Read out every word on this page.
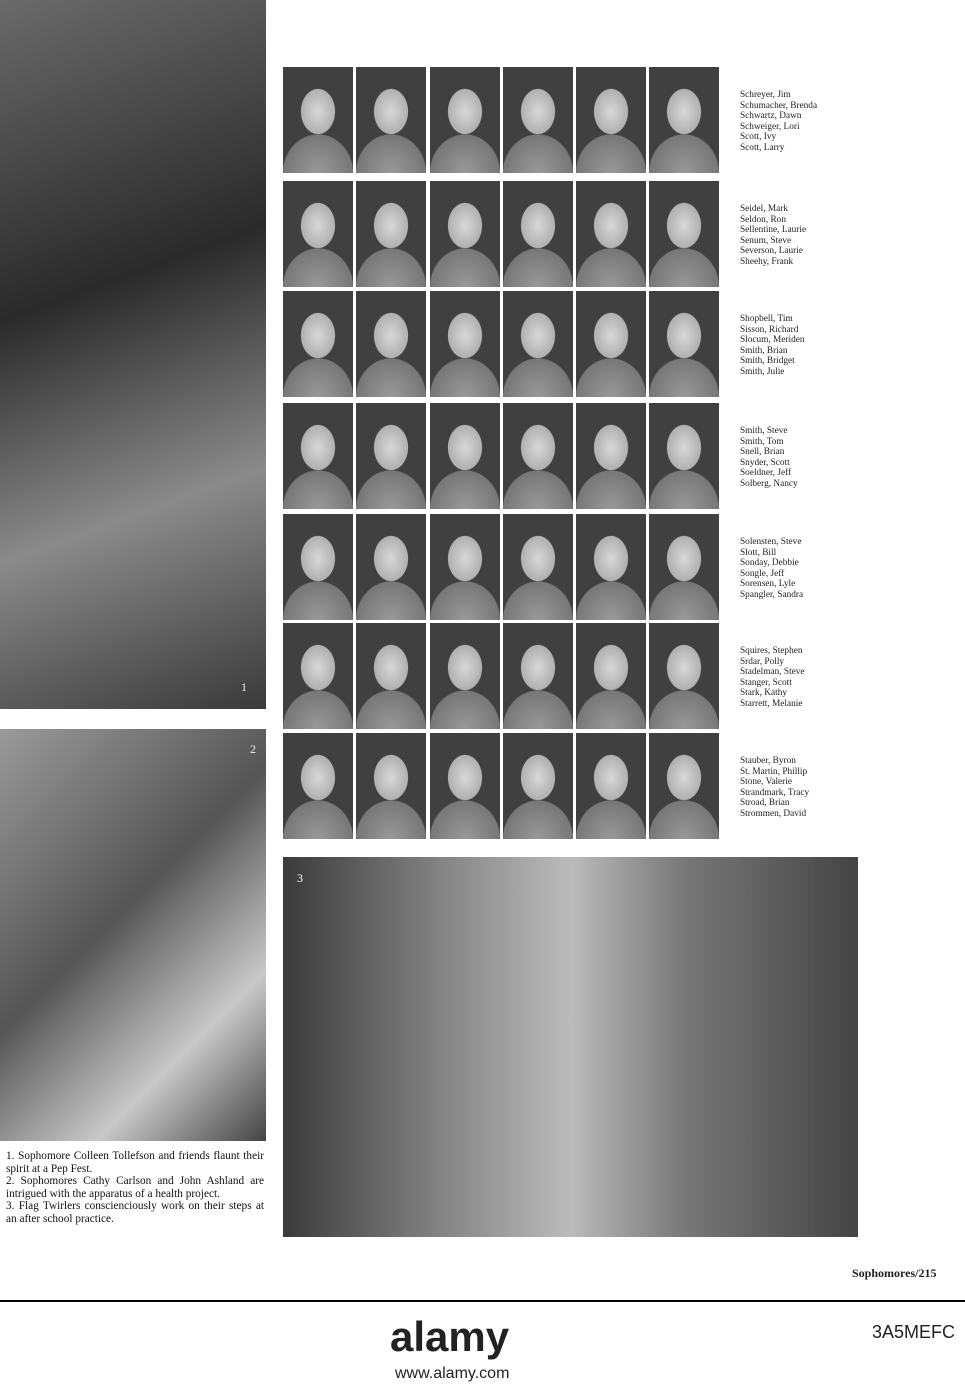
1
2
3
Schreyer, Jim
Schumacher, Brenda
Schwartz, Dawn
Schweiger, Lori
Scott, Ivy
Scott, Larry
Seidel, Mark
Seldon, Ron
Sellentine, Laurie
Senum, Steve
Severson, Laurie
Sheehy, Frank
Shopbell, Tim
Sisson, Richard
Slocum, Meriden
Smith, Brian
Smith, Bridget
Smith, Julie
Smith, Steve
Smith, Tom
Snell, Brian
Snyder, Scott
Soeldner, Jeff
Solberg, Nancy
Solensten, Steve
Slott, Bill
Sonday, Debbie
Songle, Jeff
Sorensen, Lyle
Spangler, Sandra
Squires, Stephen
Srdar, Polly
Stadelman, Steve
Stanger, Scott
Stark, Kathy
Starrett, Melanie
Stauber, Byron
St. Martin, Phillip
Stone, Valerie
Strandmark, Tracy
Stroad, Brian
Strommen, David
1. Sophomore Colleen Tollefson and friends flaunt their spirit at a Pep Fest.
2. Sophomores Cathy Carlson and John Ashland are intrigued with the apparatus of a health project.
3. Flag Twirlers conscienciously work on their steps at an after school practice.
Sophomores/215
alamy	3A5MEFC
www.alamy.com
